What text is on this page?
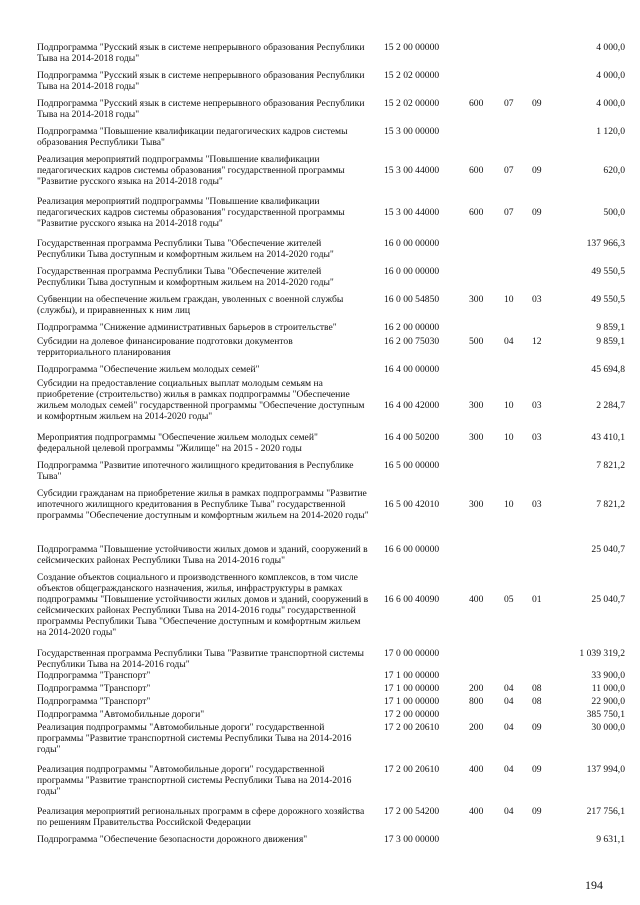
Подпрограмма "Русский язык в системе непрерывного образования Республики Тыва на 2014-2018 годы"
15 2 00 00000	4 000,0
Подпрограмма "Русский язык в системе непрерывного образования Республики Тыва на 2014-2018 годы"
15 2 02 00000	4 000,0
Подпрограмма "Русский язык в системе непрерывного образования Республики Тыва на 2014-2018 годы"
15 2 02 00000	600	07	09	4 000,0
Подпрограмма "Повышение квалификации педагогических кадров системы образования Республики Тыва"
15 3 00 00000	1 120,0
Реализация мероприятий подпрограммы "Повышение квалификации педагогических кадров системы образования" государственной программы "Развитие русского языка на 2014-2018 годы"
15 3 00 44000	600	07	09	620,0
Реализация мероприятий подпрограммы "Повышение квалификации педагогических кадров системы образования" государственной программы "Развитие русского языка на 2014-2018 годы"
15 3 00 44000	600	07	09	500,0
Государственная программа Республики Тыва "Обеспечение жителей Республики Тыва доступным и комфортным жильем на 2014-2020 годы"
16 0 00 00000	137 966,3
Государственная программа Республики Тыва "Обеспечение жителей Республики Тыва доступным и комфортным жильем на 2014-2020 годы"
16 0 00 00000	49 550,5
Субвенции на обеспечение жильем граждан, уволенных с военной службы (службы), и приравненных к ним лиц
16 0 00 54850	300	10	03	49 550,5
Подпрограмма "Снижение административных барьеров в строительстве"	16 2 00 00000	9 859,1
Субсидии на долевое финансирование подготовки документов территориального планирования
16 2 00 75030	500	04	12	9 859,1
Подпрограмма "Обеспечение жильем молодых семей"	16 4 00 00000	45 694,8
Субсидии на предоставление социальных выплат молодым семьям на приобретение (строительство) жилья в рамках подпрограммы "Обеспечение жильем молодых семей" государственной программы "Обеспечение доступным и комфортным жильем на 2014-2020 годы"
16 4 00 42000	300	10	03	2 284,7
Мероприятия подпрограммы "Обеспечение жильем молодых семей" федеральной целевой программы "Жилище" на 2015 - 2020 годы
16 4 00 50200	300	10	03	43 410,1
Подпрограмма "Развитие ипотечного жилищного кредитования в Республике Тыва"
16 5 00 00000	7 821,2
Субсидии гражданам на приобретение жилья в рамках подпрограммы "Развитие ипотечного жилищного кредитования в Республике Тыва" государственной программы "Обеспечение доступным и комфортным жильем на 2014-2020 годы"
16 5 00 42010	300	10	03	7 821,2
Подпрограмма "Повышение устойчивости жилых домов и зданий, сооружений в сейсмических районах Республики Тыва на 2014-2016 годы"
16 6 00 00000	25 040,7
Создание объектов социального и производственного комплексов, в том числе объектов общегражданского назначения, жилья, инфраструктуры в рамках подпрограммы "Повышение устойчивости жилых домов и зданий, сооружений в сейсмических районах Республики Тыва на 2014-2016 годы" государственной программы Республики Тыва "Обеспечение доступным и комфортным жильем на 2014-2020 годы"
16 6 00 40090	400	05	01	25 040,7
Государственная программа Республики Тыва "Развитие транспортной системы Республики Тыва на 2014-2016 годы"
17 0 00 00000	1 039 319,2
Подпрограмма "Транспорт"	17 1 00 00000	33 900,0
Подпрограмма "Транспорт"	17 1 00 00000	200	04	08	11 000,0
Подпрограмма "Транспорт"	17 1 00 00000	800	04	08	22 900,0
Подпрограмма "Автомобильные дороги"	17 2 00 00000	385 750,1
Реализация подпрограммы "Автомобильные дороги" государственной программы "Развитие транспортной системы Республики Тыва на 2014-2016 годы"
17 2 00 20610	200	04	09	30 000,0
Реализация подпрограммы "Автомобильные дороги" государственной программы "Развитие транспортной системы Республики Тыва на 2014-2016 годы"
17 2 00 20610	400	04	09	137 994,0
Реализация мероприятий региональных программ в сфере дорожного хозяйства по решениям Правительства Российской Федерации
17 2 00 54200	400	04	09	217 756,1
Подпрограмма "Обеспечение безопасности дорожного движения"	17 3 00 00000	9 631,1
194
